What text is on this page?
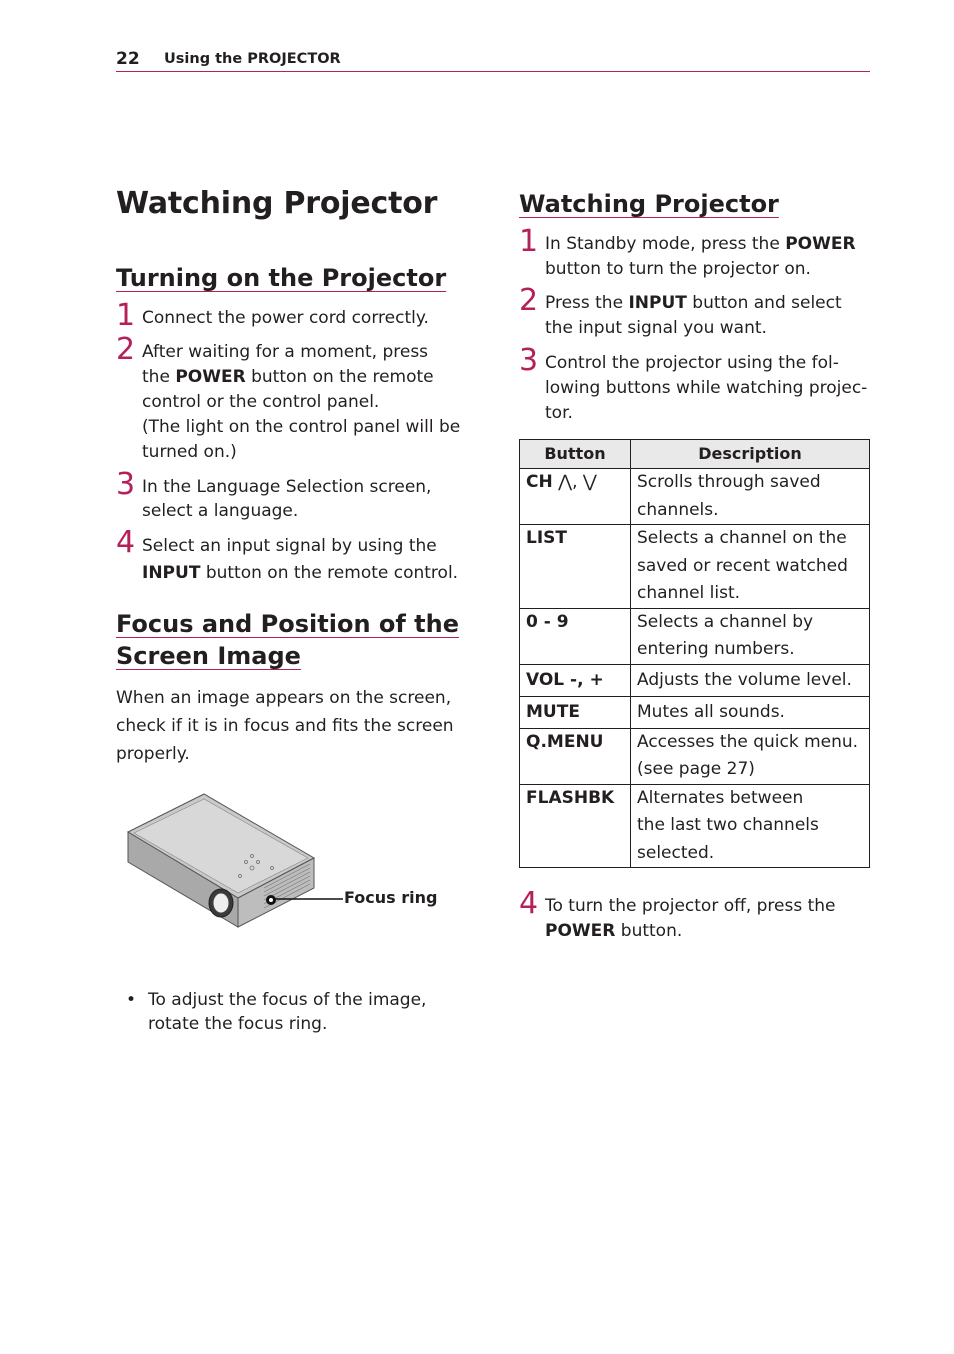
22 Using the PROJECTOR
Watching Projector
Turning on the Projector
1 Connect the power cord correctly.
2 After waiting for a moment, press
the POWER button on the remote
control or the control panel.
(The light on the control panel will be
turned on.)
3 In the Language Selection screen,
select a language.
4 Select an input signal by using the
INPUT button on the remote control.
Focus and Position of the
Screen Image
When an image appears on the screen,
check if it is in focus and fits the screen
properly.
Focus ring
• To adjust the focus of the image,
rotate the focus ring.
Watching Projector
1 In Standby mode, press the POWER
button to turn the projector on.
2 Press the INPUT button and select
the input signal you want.
3 Control the projector using the fol-
lowing buttons while watching projec-
tor.
Button	Description
CH ⋀, ⋁	Scrolls through saved
channels.

LIST	Selects a channel on the
saved or recent watched
channel list.

0 - 9	Selects a channel by
entering numbers.

VOL -, +	Adjusts the volume level.

MUTE	Mutes all sounds.

Q.MENU	Accesses the quick menu.
(see page 27)

FLASHBK	Alternates between
the last two channels
selected.
4 To turn the projector off, press the
POWER button.
